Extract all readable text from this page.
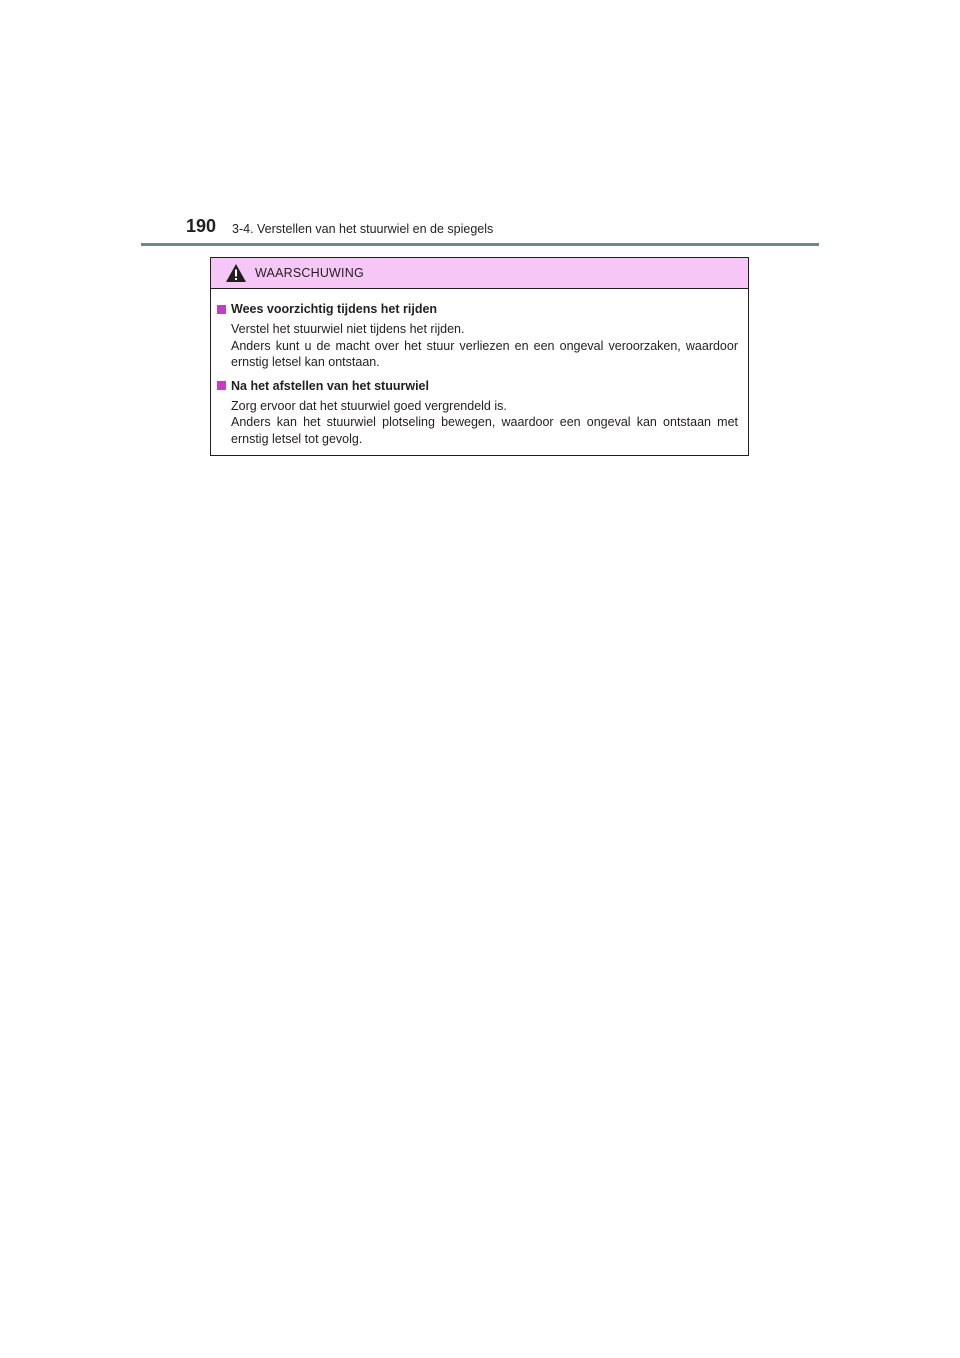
190 3-4. Verstellen van het stuurwiel en de spiegels
WAARSCHUWING
Wees voorzichtig tijdens het rijden

Verstel het stuurwiel niet tijdens het rijden.

Anders kunt u de macht over het stuur verliezen en een ongeval veroorzaken, waardoor ernstig letsel kan ontstaan.

Na het afstellen van het stuurwiel

Zorg ervoor dat het stuurwiel goed vergrendeld is.

Anders kan het stuurwiel plotseling bewegen, waardoor een ongeval kan ontstaan met ernstig letsel tot gevolg.
